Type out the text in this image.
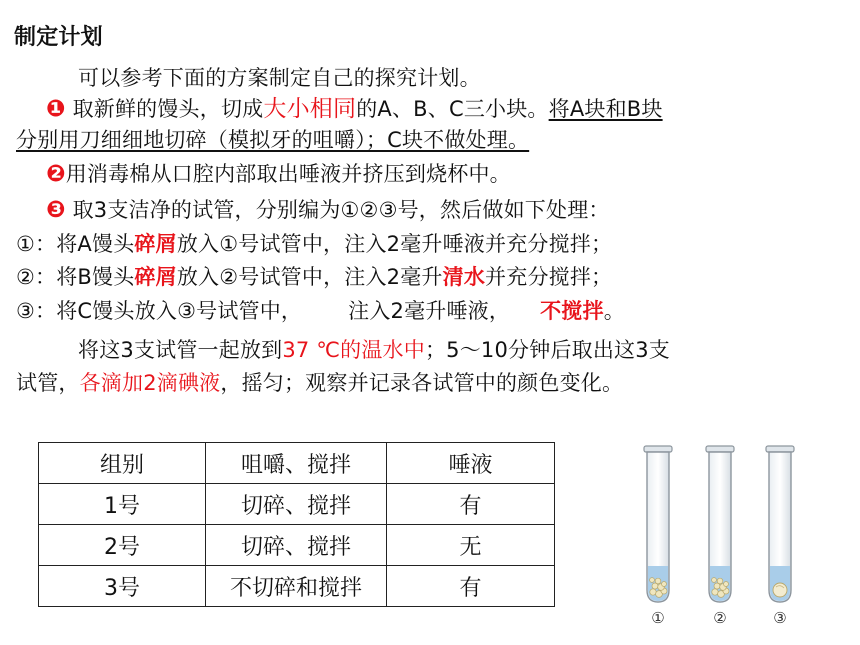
制定计划
可以参考下面的方案制定自己的探究计划。
❶ 取新鲜的馒头，切成大小相同的A、B、C三小块。将A块和B块
分别用刀细细地切碎（模拟牙的咀嚼）；C块不做处理。
❷用消毒棉从口腔内部取出唾液并挤压到烧杯中。
❸ 取3支洁净的试管，分别编为①②③号，然后做如下处理：
①：将A馒头碎屑放入①号试管中，注入2毫升唾液并充分搅拌；
②：将B馒头碎屑放入②号试管中，注入2毫升清水并充分搅拌；
③：将C馒头放入③号试管中， 注入2毫升唾液， 不搅拌。
将这3支试管一起放到37 ℃的温水中；5～10分钟后取出这3支
试管，各滴加2滴碘液，摇匀；观察并记录各试管中的颜色变化。
组别	咀嚼、搅拌	唾液
1号	切碎、搅拌	有
2号	切碎、搅拌	无
3号	不切碎和搅拌	有
①	②	③
